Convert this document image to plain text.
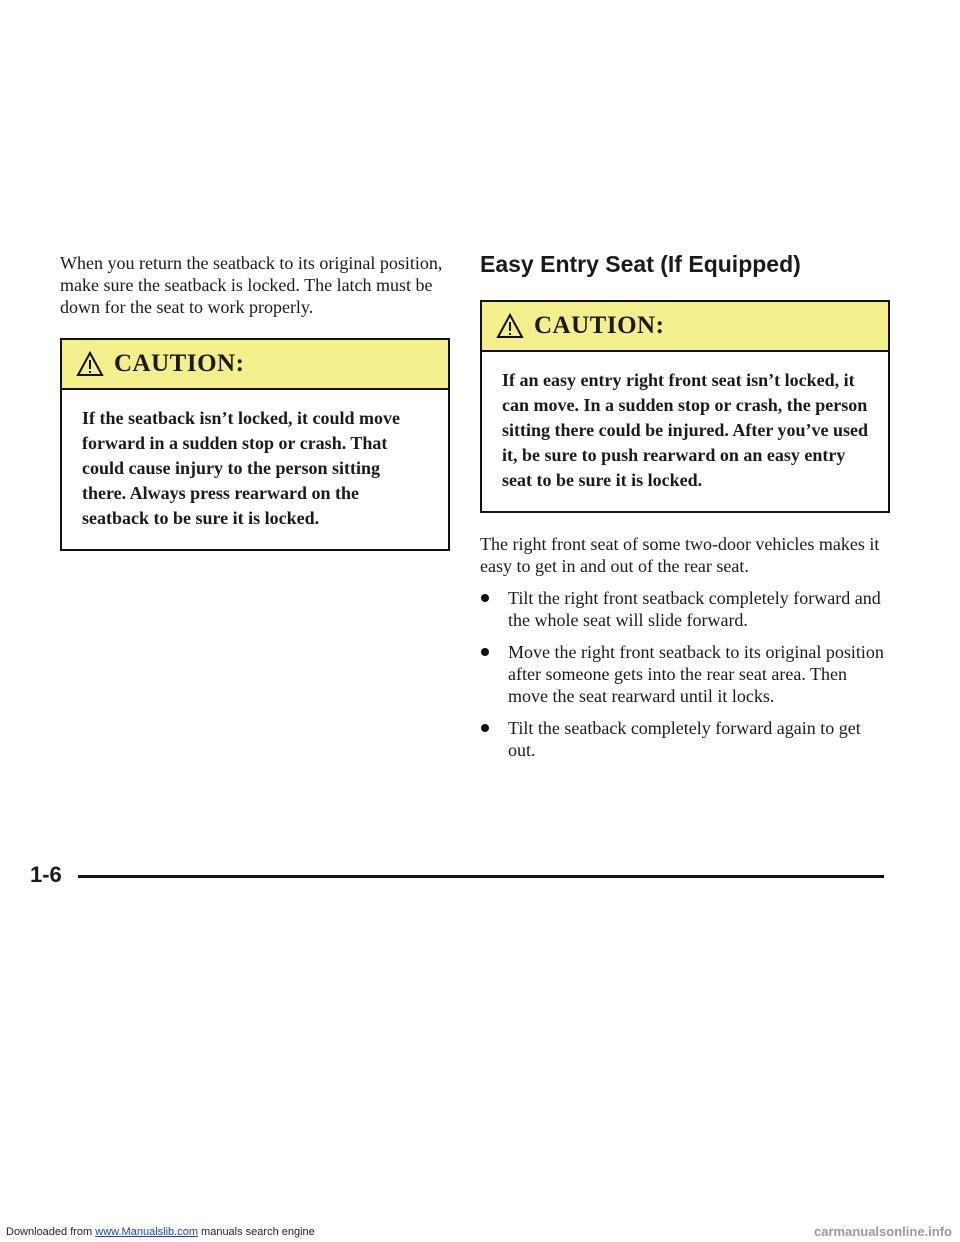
When you return the seatback to its original position, make sure the seatback is locked. The latch must be down for the seat to work properly.

CAUTION:

If the seatback isn’t locked, it could move forward in a sudden stop or crash. That could cause injury to the person sitting there. Always press rearward on the seatback to be sure it is locked.

Easy Entry Seat (If Equipped)
CAUTION:

If an easy entry right front seat isn’t locked, it can move. In a sudden stop or crash, the person sitting there could be injured. After you’ve used it, be sure to push rearward on an easy entry seat to be sure it is locked.

The right front seat of some two-door vehicles makes it easy to get in and out of the rear seat.

Tilt the right front seatback completely forward and the whole seat will slide forward.
Move the right front seatback to its original position after someone gets into the rear seat area. Then move the seat rearward until it locks.
Tilt the seatback completely forward again to get out.
1-6
Downloaded from www.Manualslib.com manuals search engine	carmanualsonline.info
